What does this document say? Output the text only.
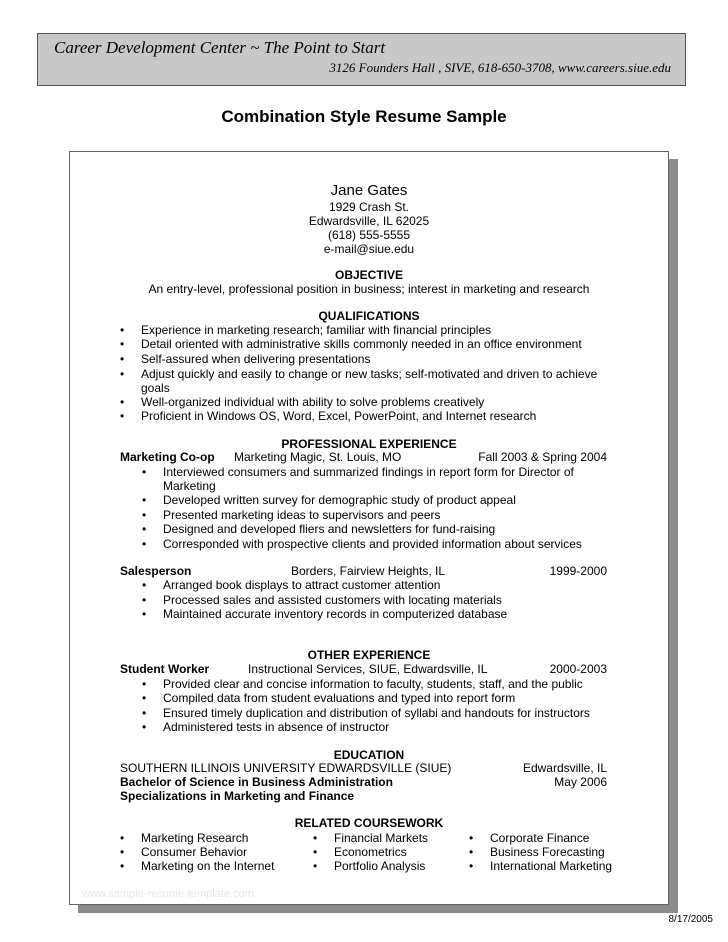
Career Development Center ~ The Point to Start
3126 Founders Hall , SIVE, 618-650-3708, www.careers.siue.edu
Combination Style Resume Sample
Jane Gates
1929 Crash St.
Edwardsville, IL 62025
(618) 555-5555
e-mail@siue.edu
OBJECTIVE
An entry-level, professional position in business; interest in marketing and research
QUALIFICATIONS
• Experience in marketing research; familiar with financial principles
• Detail oriented with administrative skills commonly needed in an office environment
• Self-assured when delivering presentations
• Adjust quickly and easily to change or new tasks; self-motivated and driven to achieve
goals
• Well-organized individual with ability to solve problems creatively
• Proficient in Windows OS, Word, Excel, PowerPoint, and Internet research
PROFESSIONAL EXPERIENCE
Marketing Co-op Marketing Magic, St. Louis, MO	Fall 2003 & Spring 2004
• Interviewed consumers and summarized findings in report form for Director of
Marketing
• Developed written survey for demographic study of product appeal
• Presented marketing ideas to supervisors and peers
• Designed and developed fliers and newsletters for fund-raising
• Corresponded with prospective clients and provided information about services
Salesperson	Borders, Fairview Heights, IL	1999-2000
• Arranged book displays to attract customer attention
• Processed sales and assisted customers with locating materials
• Maintained accurate inventory records in computerized database
OTHER EXPERIENCE
Student Worker	Instructional Services, SIUE, Edwardsville, IL	2000-2003
• Provided clear and concise information to faculty, students, staff, and the public
• Compiled data from student evaluations and typed into report form
• Ensured timely duplication and distribution of syllabi and handouts for instructors
• Administered tests in absence of instructor
EDUCATION
SOUTHERN ILLINOIS UNIVERSITY EDWARDSVILLE (SIUE)	Edwardsville, IL
Bachelor of Science in Business Administration	May 2006
Specializations in Marketing and Finance
RELATED COURSEWORK
• Marketing Research	• Financial Markets	• Corporate Finance
• Consumer Behavior	• Econometrics	• Business Forecasting
• Marketing on the Internet	• Portfolio Analysis	• International Marketing
www.sample-resume-template.com
8/17/2005
